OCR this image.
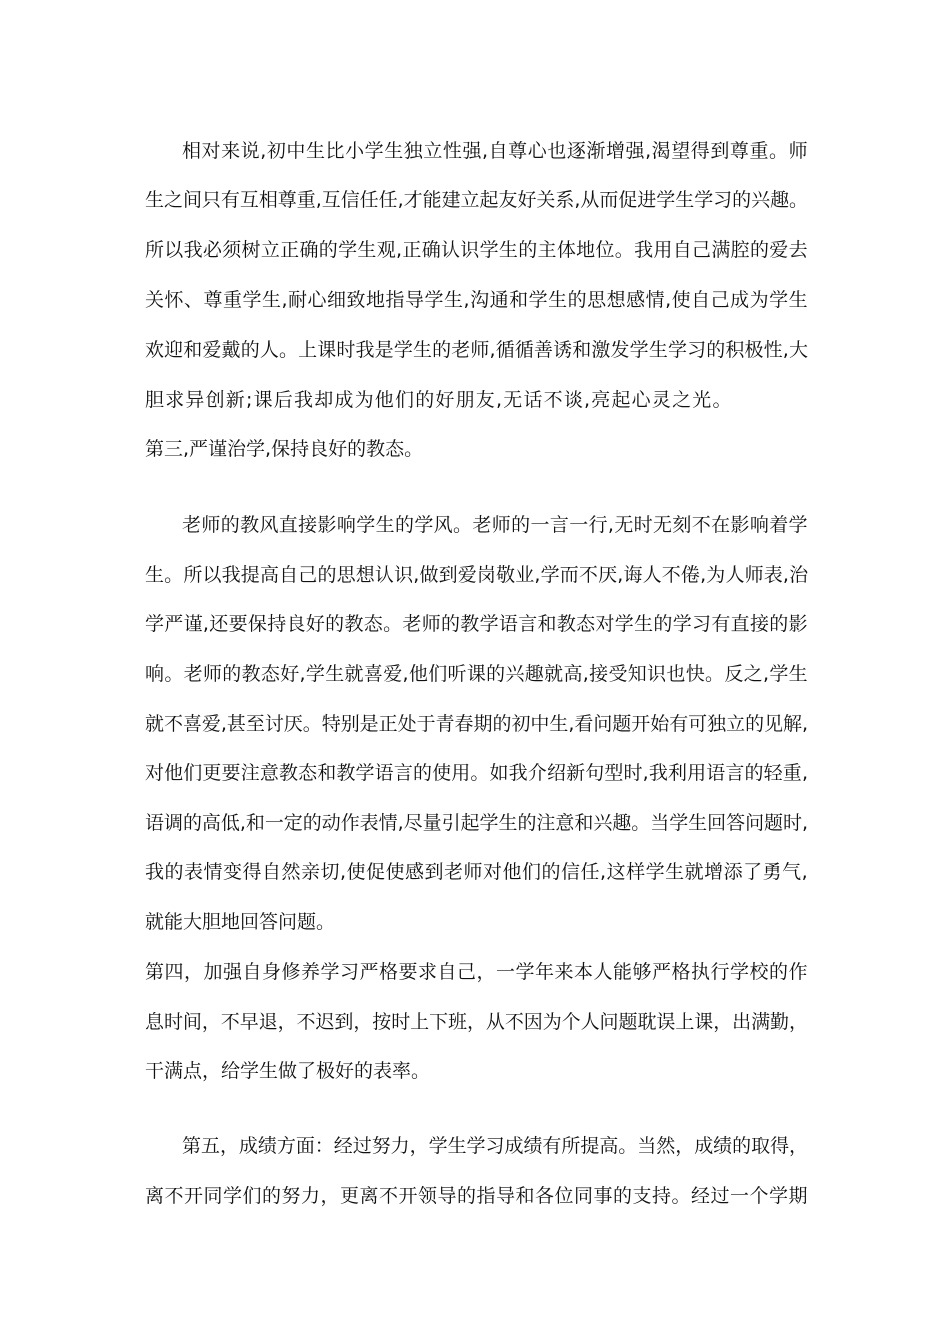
相对来说,初中生比小学生独立性强,自尊心也逐渐增强,渴望得到尊重。师
生之间只有互相尊重,互信任任,才能建立起友好关系,从而促进学生学习的兴趣。
所以我必须树立正确的学生观,正确认识学生的主体地位。我用自己满腔的爱去
关怀、尊重学生,耐心细致地指导学生,沟通和学生的思想感情,使自己成为学生
欢迎和爱戴的人。上课时我是学生的老师,循循善诱和激发学生学习的积极性,大
胆求异创新;课后我却成为他们的好朋友,无话不谈,亮起心灵之光。
第三,严谨治学,保持良好的教态。
老师的教风直接影响学生的学风。老师的一言一行,无时无刻不在影响着学
生。所以我提高自己的思想认识,做到爱岗敬业,学而不厌,诲人不倦,为人师表,治
学严谨,还要保持良好的教态。老师的教学语言和教态对学生的学习有直接的影
响。老师的教态好,学生就喜爱,他们听课的兴趣就高,接受知识也快。反之,学生
就不喜爱,甚至讨厌。特别是正处于青春期的初中生,看问题开始有可独立的见解,
对他们更要注意教态和教学语言的使用。如我介绍新句型时,我利用语言的轻重,
语调的高低,和一定的动作表情,尽量引起学生的注意和兴趣。当学生回答问题时,
我的表情变得自然亲切,使促使感到老师对他们的信任,这样学生就增添了勇气,
就能大胆地回答问题。
第四，加强自身修养学习严格要求自己，一学年来本人能够严格执行学校的作
息时间，不早退，不迟到，按时上下班，从不因为个人问题耽误上课，出满勤，
干满点，给学生做了极好的表率。
第五，成绩方面：经过努力，学生学习成绩有所提高。当然，成绩的取得，
离不开同学们的努力，更离不开领导的指导和各位同事的支持。经过一个学期
